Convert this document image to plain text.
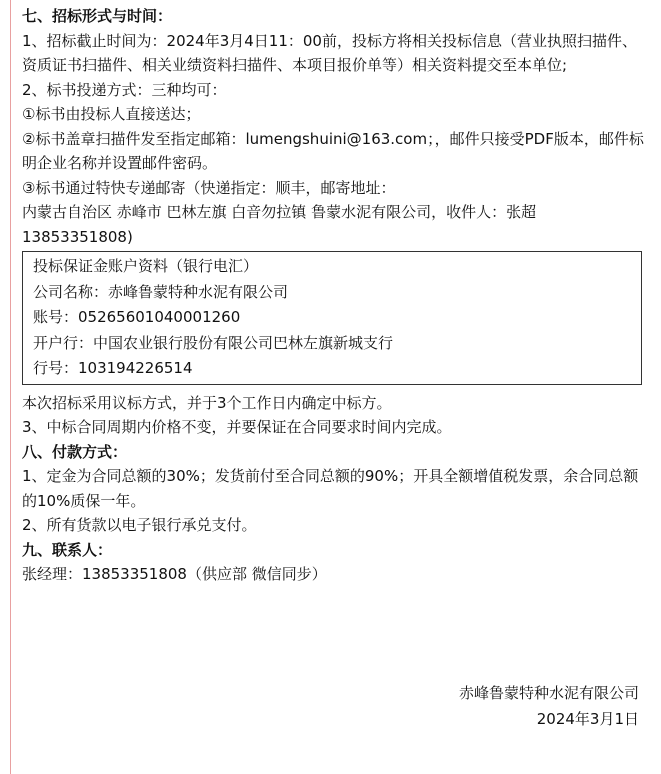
七、招标形式与时间：

1、招标截止时间为：2024年3月4日11：00前，投标方将相关投标信息（营业执照扫描件、资质证书扫描件、相关业绩资料扫描件、本项目报价单等）相关资料提交至本单位;

2、标书投递方式：三种均可：

①标书由投标人直接送达；

②标书盖章扫描件发至指定邮箱：lumengshuini@163.com；，邮件只接受PDF版本，邮件标明企业名称并设置邮件密码。

③标书通过特快专递邮寄（快递指定：顺丰，邮寄地址：

内蒙古自治区 赤峰市 巴林左旗 白音勿拉镇 鲁蒙水泥有限公司，收件人：张超 13853351808)

投标保证金账户资料（银行电汇）
公司名称：赤峰鲁蒙特种水泥有限公司
账号：05265601040001260
开户行：中国农业银行股份有限公司巴林左旗新城支行
行号：103194226514

本次招标采用议标方式，并于3个工作日内确定中标方。

3、中标合同周期内价格不变，并要保证在合同要求时间内完成。

八、付款方式：

1、定金为合同总额的30%；发货前付至合同总额的90%；开具全额增值税发票，余合同总额的10%质保一年。

2、所有货款以电子银行承兑支付。

九、联系人：

张经理：13853351808（供应部 微信同步）

赤峰鲁蒙特种水泥有限公司
2024年3月1日
